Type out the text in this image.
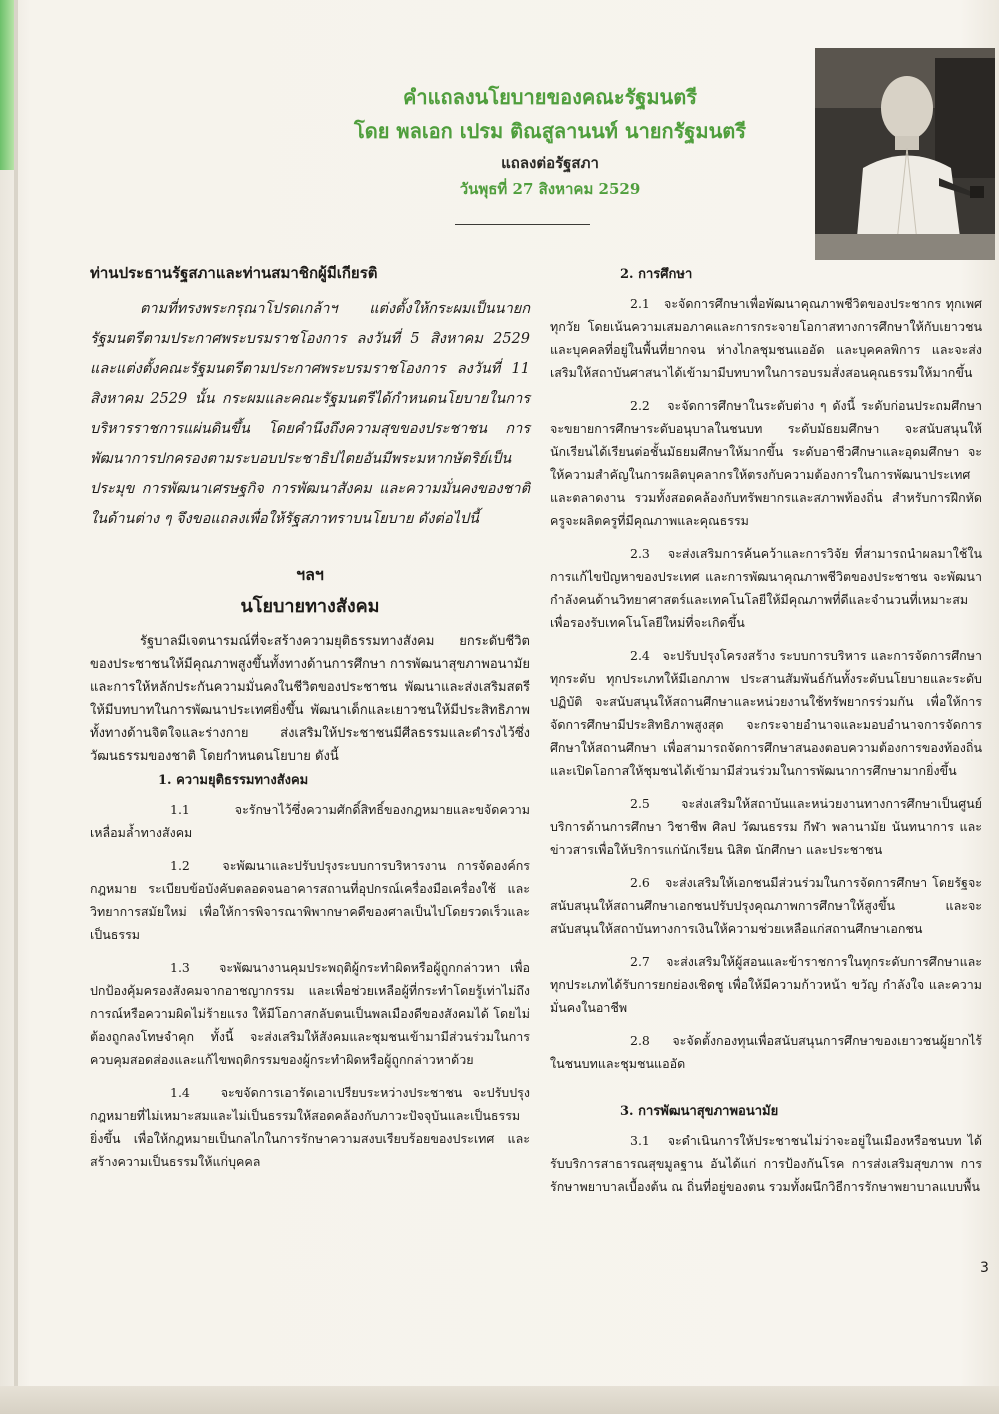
คำแถลงนโยบายของคณะรัฐมนตรี
โดย พลเอก เปรม ติณสูลานนท์ นายกรัฐมนตรี
แถลงต่อรัฐสภา
วันพุธที่ 27 สิงหาคม 2529

ท่านประธานรัฐสภาและท่านสมาชิกผู้มีเกียรติ

ตามที่ทรงพระกรุณาโปรดเกล้าฯ แต่งตั้งให้กระผมเป็นนายกรัฐมนตรีตามประกาศพระบรมราชโองการ ลงวันที่ 5 สิงหาคม 2529 และแต่งตั้งคณะรัฐมนตรีตามประกาศพระบรมราชโองการ ลงวันที่ 11 สิงหาคม 2529 นั้น กระผมและคณะรัฐมนตรีได้กำหนดนโยบายในการบริหารราชการแผ่นดินขึ้น โดยคำนึงถึงความสุขของประชาชน การพัฒนาการปกครองตามระบอบประชาธิปไตยอันมีพระมหากษัตริย์เป็นประมุข การพัฒนาเศรษฐกิจ การพัฒนาสังคม และความมั่นคงของชาติในด้านต่าง ๆ จึงขอแถลงเพื่อให้รัฐสภาทราบนโยบาย ดังต่อไปนี้

ฯลฯ

นโยบายทางสังคม

รัฐบาลมีเจตนารมณ์ที่จะสร้างความยุติธรรมทางสังคม ยกระดับชีวิตของประชาชนให้มีคุณภาพสูงขึ้นทั้งทางด้านการศึกษา การพัฒนาสุขภาพอนามัยและการให้หลักประกันความมั่นคงในชีวิตของประชาชน พัฒนาและส่งเสริมสตรีให้มีบทบาทในการพัฒนาประเทศยิ่งขึ้น พัฒนาเด็กและเยาวชนให้มีประสิทธิภาพทั้งทางด้านจิตใจและร่างกาย ส่งเสริมให้ประชาชนมีศีลธรรมและดำรงไว้ซึ่งวัฒนธรรมของชาติ โดยกำหนดนโยบาย ดังนี้

1. ความยุติธรรมทางสังคม

1.1	จะรักษาไว้ซึ่งความศักดิ์สิทธิ์ของกฎหมายและขจัดความเหลื่อมล้ำทางสังคม

1.2	จะพัฒนาและปรับปรุงระบบการบริหารงาน การจัดองค์กร กฎหมาย ระเบียบข้อบังคับตลอดจนอาคารสถานที่อุปกรณ์เครื่องมือเครื่องใช้ และวิทยาการสมัยใหม่ เพื่อให้การพิจารณาพิพากษาคดีของศาลเป็นไปโดยรวดเร็วและเป็นธรรม

1.3 จะพัฒนางานคุมประพฤติผู้กระทำผิดหรือผู้ถูกกล่าวหา เพื่อปกป้องคุ้มครองสังคมจากอาชญากรรม และเพื่อช่วยเหลือผู้ที่กระทำโดยรู้เท่าไม่ถึงการณ์หรือความผิดไม่ร้ายแรง ให้มีโอกาสกลับตนเป็นพลเมืองดีของสังคมได้ โดยไม่ต้องถูกลงโทษจำคุก ทั้งนี้ จะส่งเสริมให้สังคมและชุมชนเข้ามามีส่วนร่วมในการควบคุมสอดส่องและแก้ไขพฤติกรรมของผู้กระทำผิดหรือผู้ถูกกล่าวหาด้วย

1.4 จะขจัดการเอารัดเอาเปรียบระหว่างประชาชน จะปรับปรุงกฎหมายที่ไม่เหมาะสมและไม่เป็นธรรมให้สอดคล้องกับภาวะปัจจุบันและเป็นธรรมยิ่งขึ้น เพื่อให้กฎหมายเป็นกลไกในการรักษาความสงบเรียบร้อยของประเทศ และสร้างความเป็นธรรมให้แก่บุคคล

2. การศึกษา

2.1 จะจัดการศึกษาเพื่อพัฒนาคุณภาพชีวิตของประชากร ทุกเพศทุกวัย โดยเน้นความเสมอภาคและการกระจายโอกาสทางการศึกษาให้กับเยาวชนและบุคคลที่อยู่ในพื้นที่ยากจน ห่างไกลชุมชนแออัด และบุคคลพิการ และจะส่งเสริมให้สถาบันศาสนาได้เข้ามามีบทบาทในการอบรมสั่งสอนคุณธรรมให้มากขึ้น

2.2 จะจัดการศึกษาในระดับต่าง ๆ ดังนี้ ระดับก่อนประถมศึกษาจะขยายการศึกษาระดับอนุบาลในชนบท ระดับมัธยมศึกษา จะสนับสนุนให้นักเรียนได้เรียนต่อชั้นมัธยมศึกษาให้มากขึ้น ระดับอาชีวศึกษาและอุดมศึกษา จะให้ความสำคัญในการผลิตบุคลากรให้ตรงกับความต้องการในการพัฒนาประเทศและตลาดงาน รวมทั้งสอดคล้องกับทรัพยากรและสภาพท้องถิ่น สำหรับการฝึกหัดครูจะผลิตครูที่มีคุณภาพและคุณธรรม

2.3 จะส่งเสริมการค้นคว้าและการวิจัย ที่สามารถนำผลมาใช้ในการแก้ไขปัญหาของประเทศ และการพัฒนาคุณภาพชีวิตของประชาชน จะพัฒนากำลังคนด้านวิทยาศาสตร์และเทคโนโลยีให้มีคุณภาพที่ดีและจำนวนที่เหมาะสม เพื่อรองรับเทคโนโลยีใหม่ที่จะเกิดขึ้น

2.4 จะปรับปรุงโครงสร้าง ระบบการบริหาร และการจัดการศึกษาทุกระดับ ทุกประเภทให้มีเอกภาพ ประสานสัมพันธ์กันทั้งระดับนโยบายและระดับปฏิบัติ จะสนับสนุนให้สถานศึกษาและหน่วยงานใช้ทรัพยากรร่วมกัน เพื่อให้การจัดการศึกษามีประสิทธิภาพสูงสุด จะกระจายอำนาจและมอบอำนาจการจัดการศึกษาให้สถานศึกษา เพื่อสามารถจัดการศึกษาสนองตอบความต้องการของท้องถิ่น และเปิดโอกาสให้ชุมชนได้เข้ามามีส่วนร่วมในการพัฒนาการศึกษามากยิ่งขึ้น

2.5 จะส่งเสริมให้สถาบันและหน่วยงานทางการศึกษาเป็นศูนย์บริการด้านการศึกษา วิชาชีพ ศิลป วัฒนธรรม กีฬา พลานามัย นันทนาการ และข่าวสารเพื่อให้บริการแก่นักเรียน นิสิต นักศึกษา และประชาชน

2.6 จะส่งเสริมให้เอกชนมีส่วนร่วมในการจัดการศึกษา โดยรัฐจะสนับสนุนให้สถานศึกษาเอกชนปรับปรุงคุณภาพการศึกษาให้สูงขึ้น และจะสนับสนุนให้สถาบันทางการเงินให้ความช่วยเหลือแก่สถานศึกษาเอกชน

2.7 จะส่งเสริมให้ผู้สอนและข้าราชการในทุกระดับการศึกษาและทุกประเภทได้รับการยกย่องเชิดชู เพื่อให้มีความก้าวหน้า ขวัญ กำลังใจ และความมั่นคงในอาชีพ

2.8 จะจัดตั้งกองทุนเพื่อสนับสนุนการศึกษาของเยาวชนผู้ยากไร้ในชนบทและชุมชนแออัด

3. การพัฒนาสุขภาพอนามัย

3.1 จะดำเนินการให้ประชาชนไม่ว่าจะอยู่ในเมืองหรือชนบท ได้รับบริการสาธารณสุขมูลฐาน อันได้แก่ การป้องกันโรค การส่งเสริมสุขภาพ การรักษาพยาบาลเบื้องต้น ณ ถิ่นที่อยู่ของตน รวมทั้งผนึกวิธีการรักษาพยาบาลแบบพื้น

3
